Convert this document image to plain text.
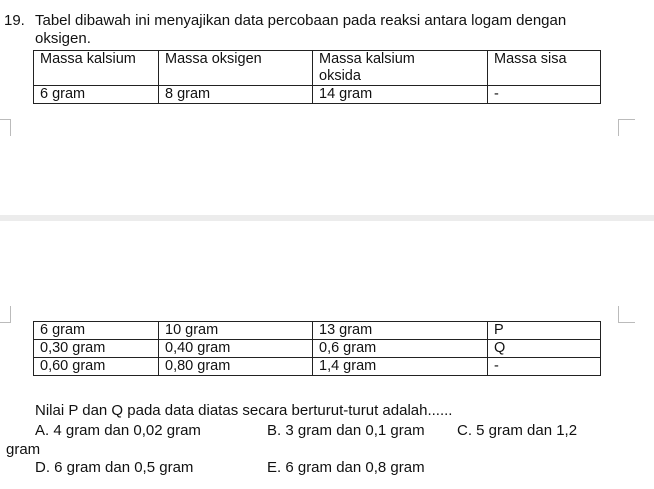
19. Tabel dibawah ini menyajikan data percobaan pada reaksi antara logam dengan
oksigen.
Massa kalsium	Massa oksigen	Massa kalsium
oksida	Massa sisa
6 gram	8 gram	14 gram	-
6 gram	10 gram	13 gram	P
0,30 gram	0,40 gram	0,6 gram	Q
0,60 gram	0,80 gram	1,4 gram	-
Nilai P dan Q pada data diatas secara berturut-turut adalah......
A. 4 gram dan 0,02 gram	B. 3 gram dan 0,1 gram C. 5 gram dan 1,2
gram
D. 6 gram dan 0,5 gram	E. 6 gram dan 0,8 gram
